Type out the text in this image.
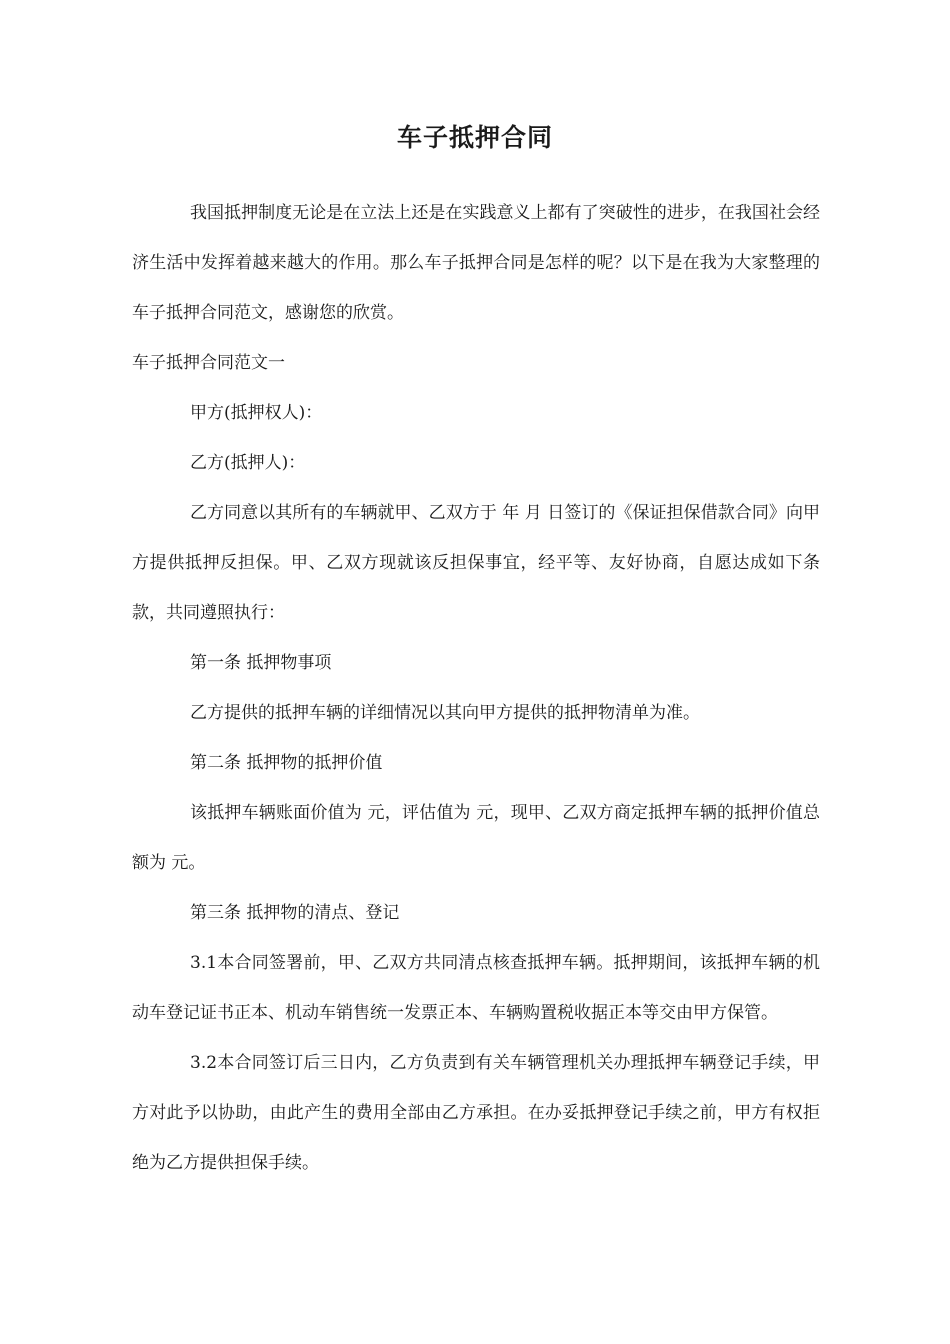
车子抵押合同

我国抵押制度无论是在立法上还是在实践意义上都有了突破性的进步，在我国社会经济生活中发挥着越来越大的作用。那么车子抵押合同是怎样的呢？以下是在我为大家整理的车子抵押合同范文，感谢您的欣赏。

车子抵押合同范文一

甲方(抵押权人)：

乙方(抵押人)：

乙方同意以其所有的车辆就甲、乙双方于 年 月 日签订的《保证担保借款合同》向甲方提供抵押反担保。甲、乙双方现就该反担保事宜，经平等、友好协商，自愿达成如下条款，共同遵照执行：

第一条 抵押物事项

乙方提供的抵押车辆的详细情况以其向甲方提供的抵押物清单为准。

第二条 抵押物的抵押价值

该抵押车辆账面价值为 元，评估值为 元，现甲、乙双方商定抵押车辆的抵押价值总额为 元。

第三条 抵押物的清点、登记

3.1本合同签署前，甲、乙双方共同清点核查抵押车辆。抵押期间，该抵押车辆的机动车登记证书正本、机动车销售统一发票正本、车辆购置税收据正本等交由甲方保管。

3.2本合同签订后三日内，乙方负责到有关车辆管理机关办理抵押车辆登记手续，甲方对此予以协助，由此产生的费用全部由乙方承担。在办妥抵押登记手续之前，甲方有权拒绝为乙方提供担保手续。
